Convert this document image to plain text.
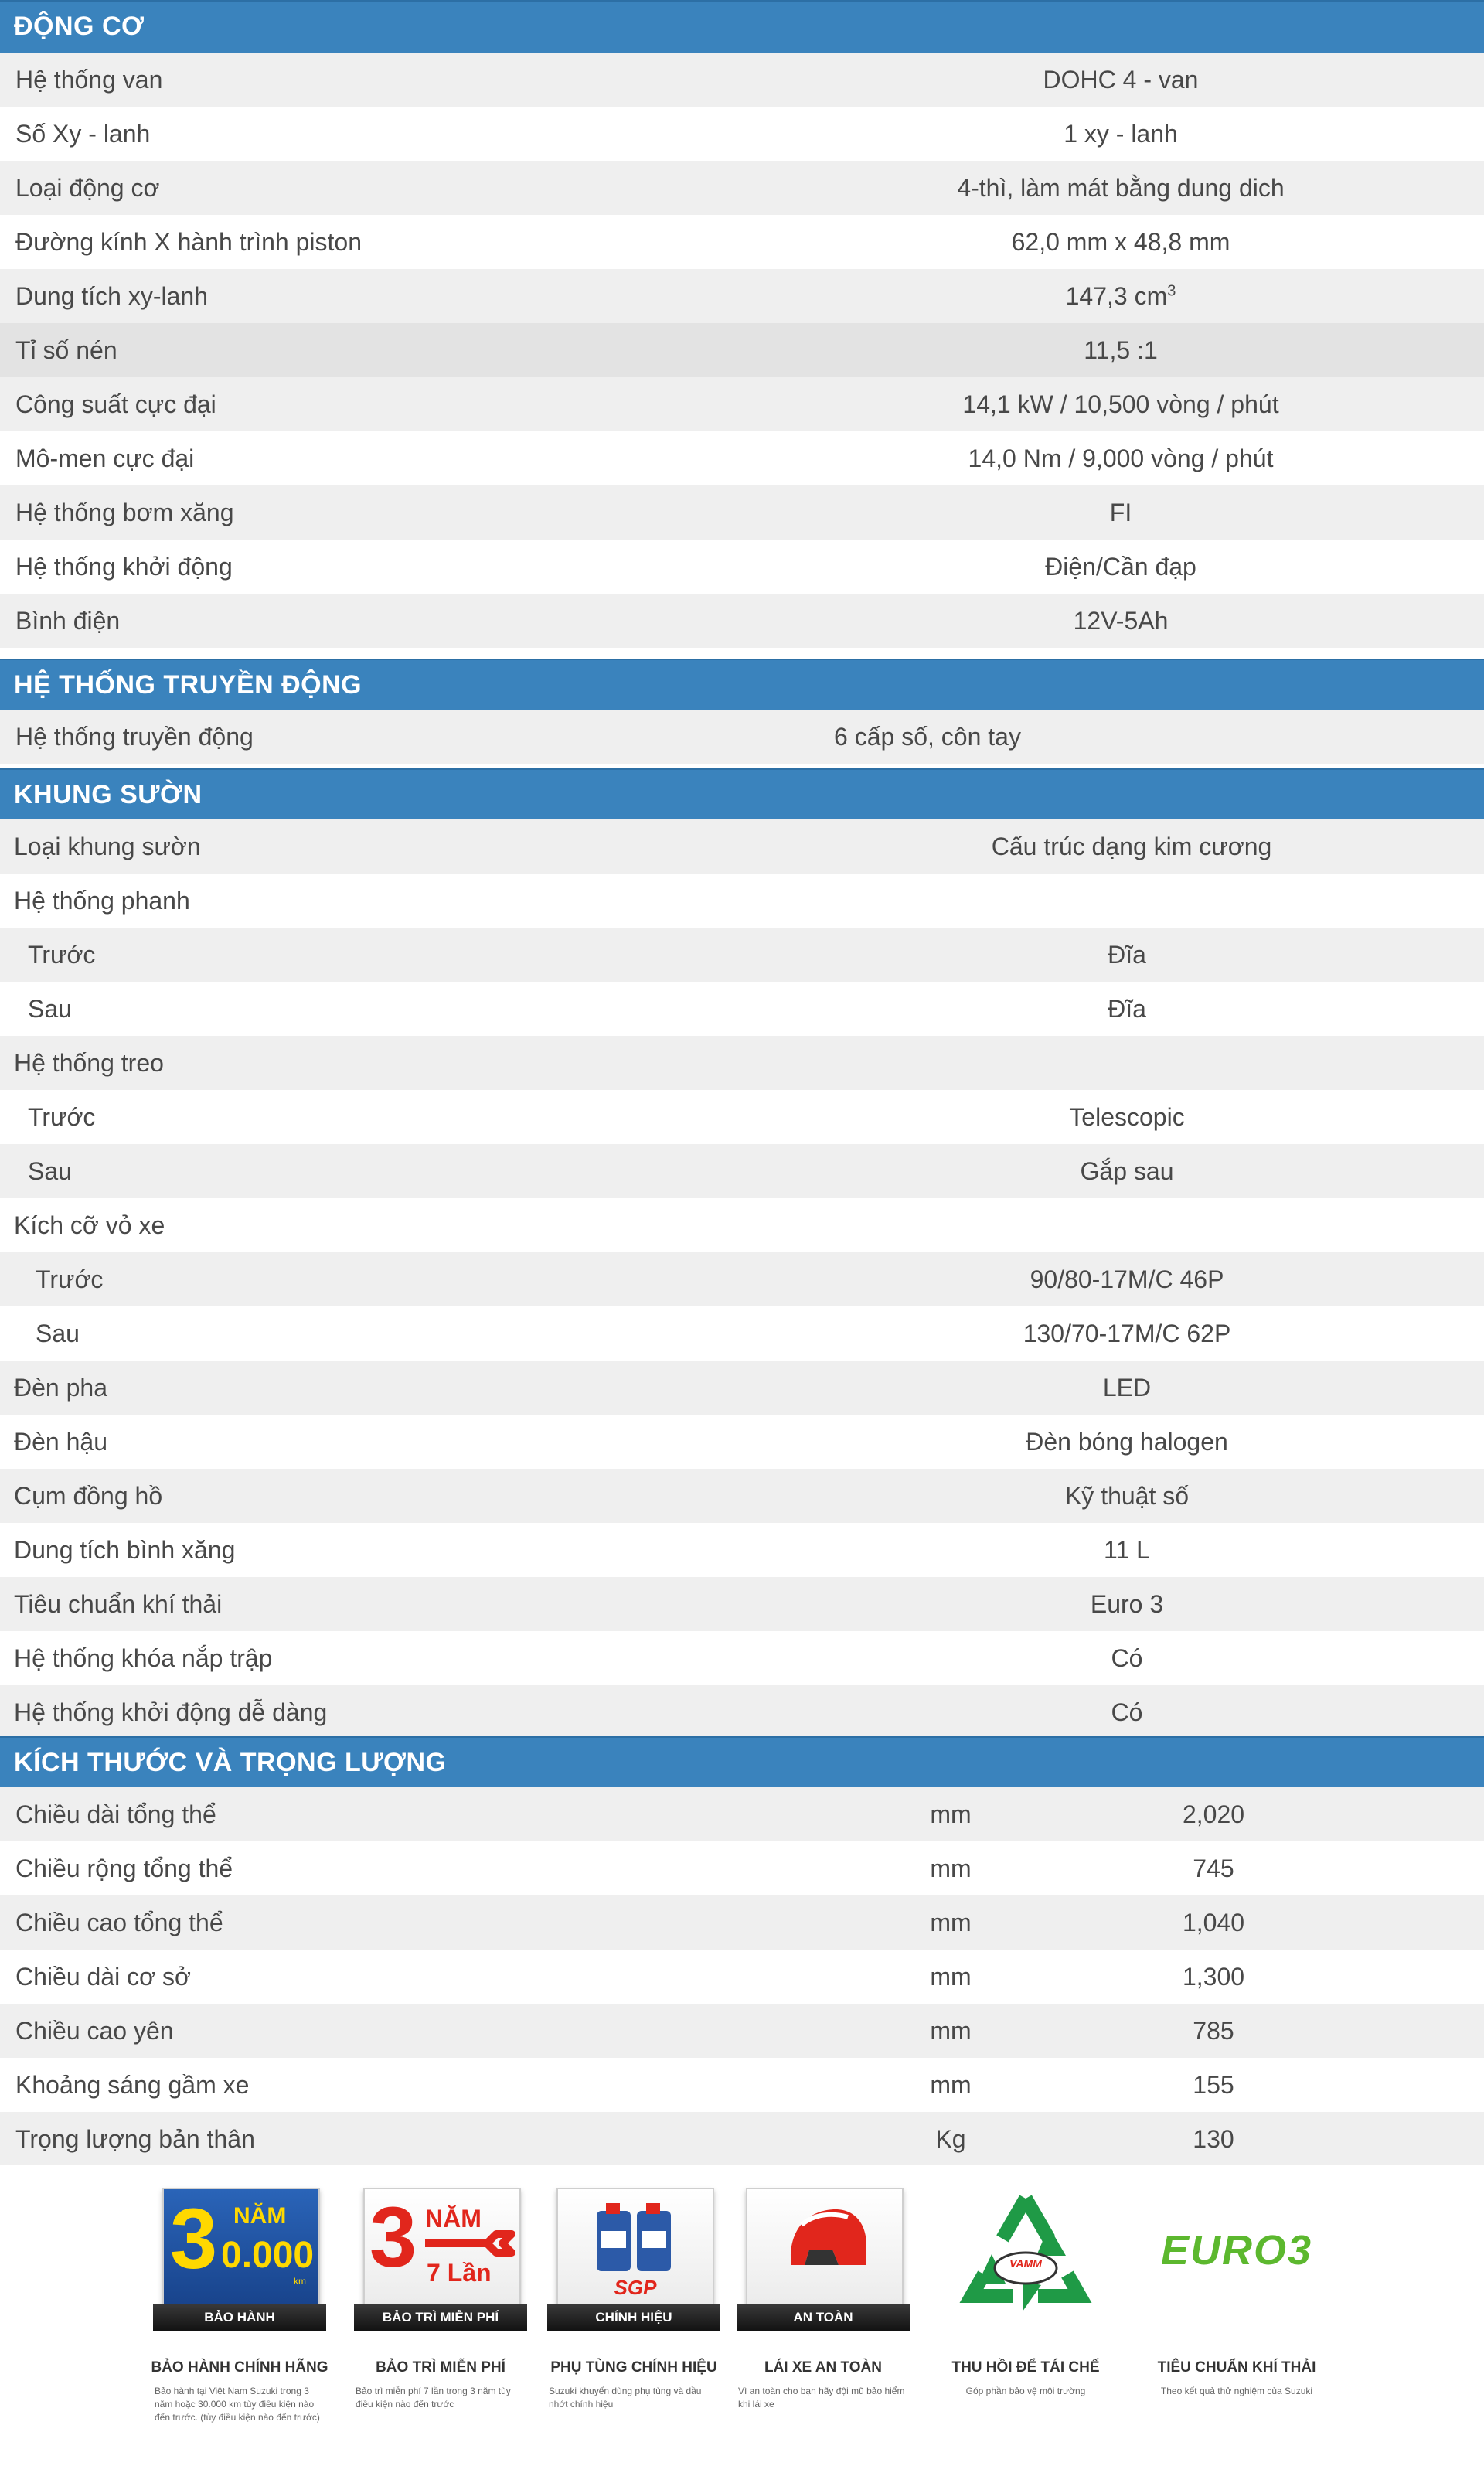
ĐỘNG CƠ
Hệ thống van	DOHC 4 - van
Số Xy - lanh	1 xy - lanh
Loại động cơ	4-thì, làm mát bằng dung dich
Đường kính X hành trình piston	62,0 mm x 48,8 mm
Dung tích xy-lanh	147,3 $cm^3$
Tỉ số nén	11,5 :1
Công suất cực đại	14,1 kW / 10,500 vòng / phút
Mô-men cực đại	14,0 Nm / 9,000 vòng / phút
Hệ thống bơm xăng	FI
Hệ thống khởi động	Điện/Cần đạp
Bình điện	12V-5Ah
HỆ THỐNG TRUYỀN ĐỘNG
Hệ thống truyền động	6 cấp số, côn tay
KHUNG SƯỜN
Loại khung sườn	Cấu trúc dạng kim cương
Hệ thống phanh
Trước	Đĩa
Sau	Đĩa
Hệ thống treo
Trước	Telescopic
Sau	Gắp sau
Kích cỡ vỏ xe
Trước	90/80-17M/C 46P
Sau	130/70-17M/C 62P
Đèn pha	LED
Đèn hậu	Đèn bóng halogen
Cụm đồng hồ	Kỹ thuật số
Dung tích bình xăng	11 L
Tiêu chuẩn khí thải	Euro 3
Hệ thống khóa nắp trập	Có
Hệ thống khởi động dễ dàng	Có
KÍCH THƯỚC VÀ TRỌNG LƯỢNG
Chiều dài tổng thể	mm	2,020
Chiều rộng tổng thể	mm	745
Chiều cao tổng thể	mm	1,040
Chiều dài cơ sở	mm	1,300
Chiều cao yên	mm	785
Khoảng sáng gầm xe	mm	155
Trọng lượng bản thân	Kg	130
3 NĂM
0.000
km
BẢO HÀNH
BẢO HÀNH CHÍNH HÃNG
Bảo hành tại Việt Nam Suzuki trong 3 năm hoặc 30.000 km tùy điều kiện nào đến trước. (tùy điều kiện nào đến trước)
3 NĂM
7 Lần
BẢO TRÌ MIỄN PHÍ
BẢO TRÌ MIỄN PHÍ
Bảo trì miễn phí 7 lần trong 3 năm tùy điều kiện nào đến trước
SGP
CHÍNH HIỆU
PHỤ TÙNG CHÍNH HIỆU
Suzuki khuyến dùng phụ tùng và dầu nhớt chính hiệu
AN TOÀN
LÁI XE AN TOÀN
Vì an toàn cho bạn hãy đội mũ bảo hiểm khi lái xe
VAMM
THU HỒI ĐỂ TÁI CHẾ
Góp phần bảo vệ môi trường
EURO3
TIÊU CHUẨN KHÍ THẢI
Theo kết quả thử nghiệm của Suzuki
